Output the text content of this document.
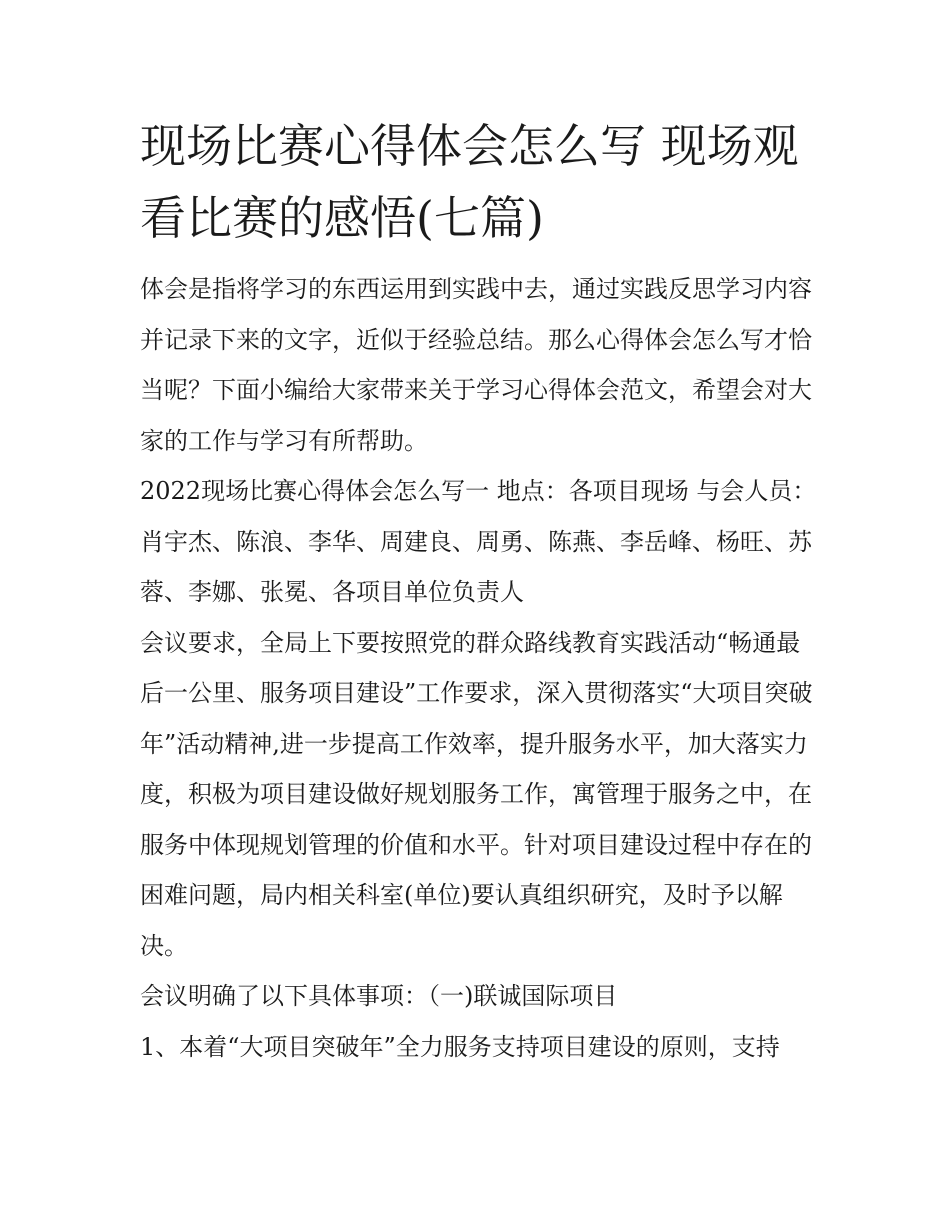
现场比赛心得体会怎么写 现场观看比赛的感悟(七篇)

体会是指将学习的东西运用到实践中去，通过实践反思学习内容并记录下来的文字，近似于经验总结。那么心得体会怎么写才恰当呢？下面小编给大家带来关于学习心得体会范文，希望会对大家的工作与学习有所帮助。

2022现场比赛心得体会怎么写一 地点：各项目现场 与会人员：肖宇杰、陈浪、李华、周建良、周勇、陈燕、李岳峰、杨旺、苏蓉、李娜、张冕、各项目单位负责人

会议要求，全局上下要按照党的群众路线教育实践活动“畅通最后一公里、服务项目建设”工作要求，深入贯彻落实“大项目突破年”活动精神,进一步提高工作效率，提升服务水平，加大落实力度，积极为项目建设做好规划服务工作，寓管理于服务之中，在服务中体现规划管理的价值和水平。针对项目建设过程中存在的困难问题，局内相关科室(单位)要认真组织研究，及时予以解决。

会议明确了以下具体事项：（一)联诚国际项目

1、本着“大项目突破年”全力服务支持项目建设的原则，支持
